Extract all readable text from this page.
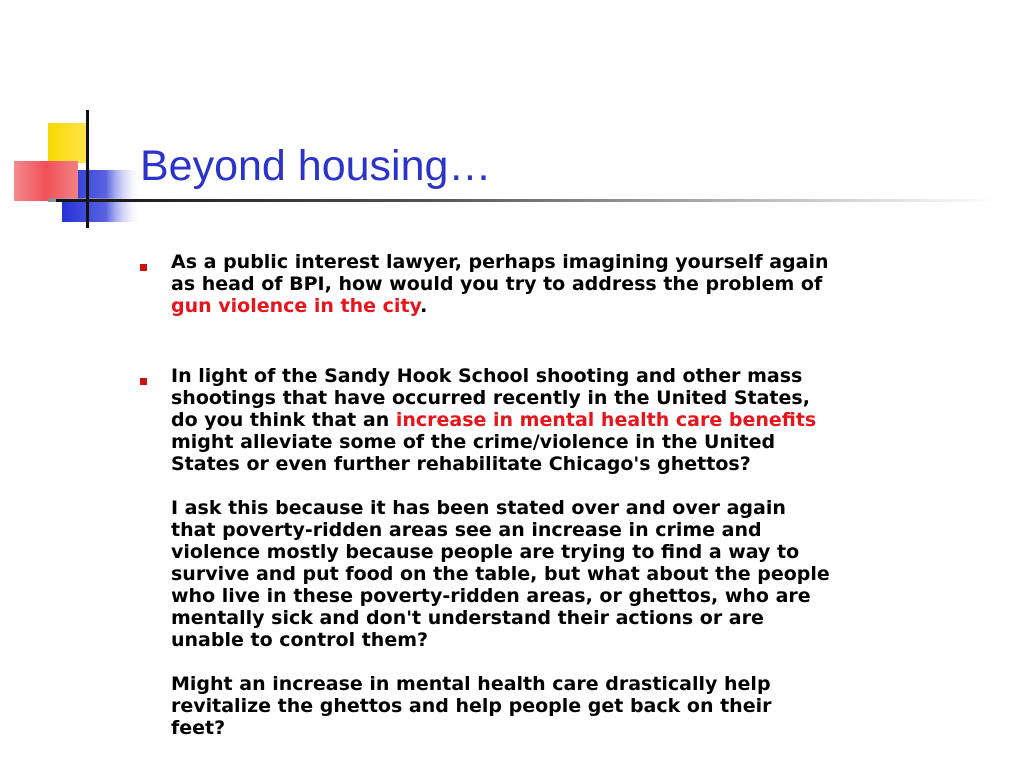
Beyond housing…
As a public interest lawyer, perhaps imagining yourself again
as head of BPI, how would you try to address the problem of
gun violence in the city.
In light of the Sandy Hook School shooting and other mass
shootings that have occurred recently in the United States,
do you think that an increase in mental health care benefits
might alleviate some of the crime/violence in the United
States or even further rehabilitate Chicago's ghettos?
I ask this because it has been stated over and over again
that poverty-ridden areas see an increase in crime and
violence mostly because people are trying to find a way to
survive and put food on the table, but what about the people
who live in these poverty-ridden areas, or ghettos, who are
mentally sick and don't understand their actions or are
unable to control them?
Might an increase in mental health care drastically help
revitalize the ghettos and help people get back on their
feet?
